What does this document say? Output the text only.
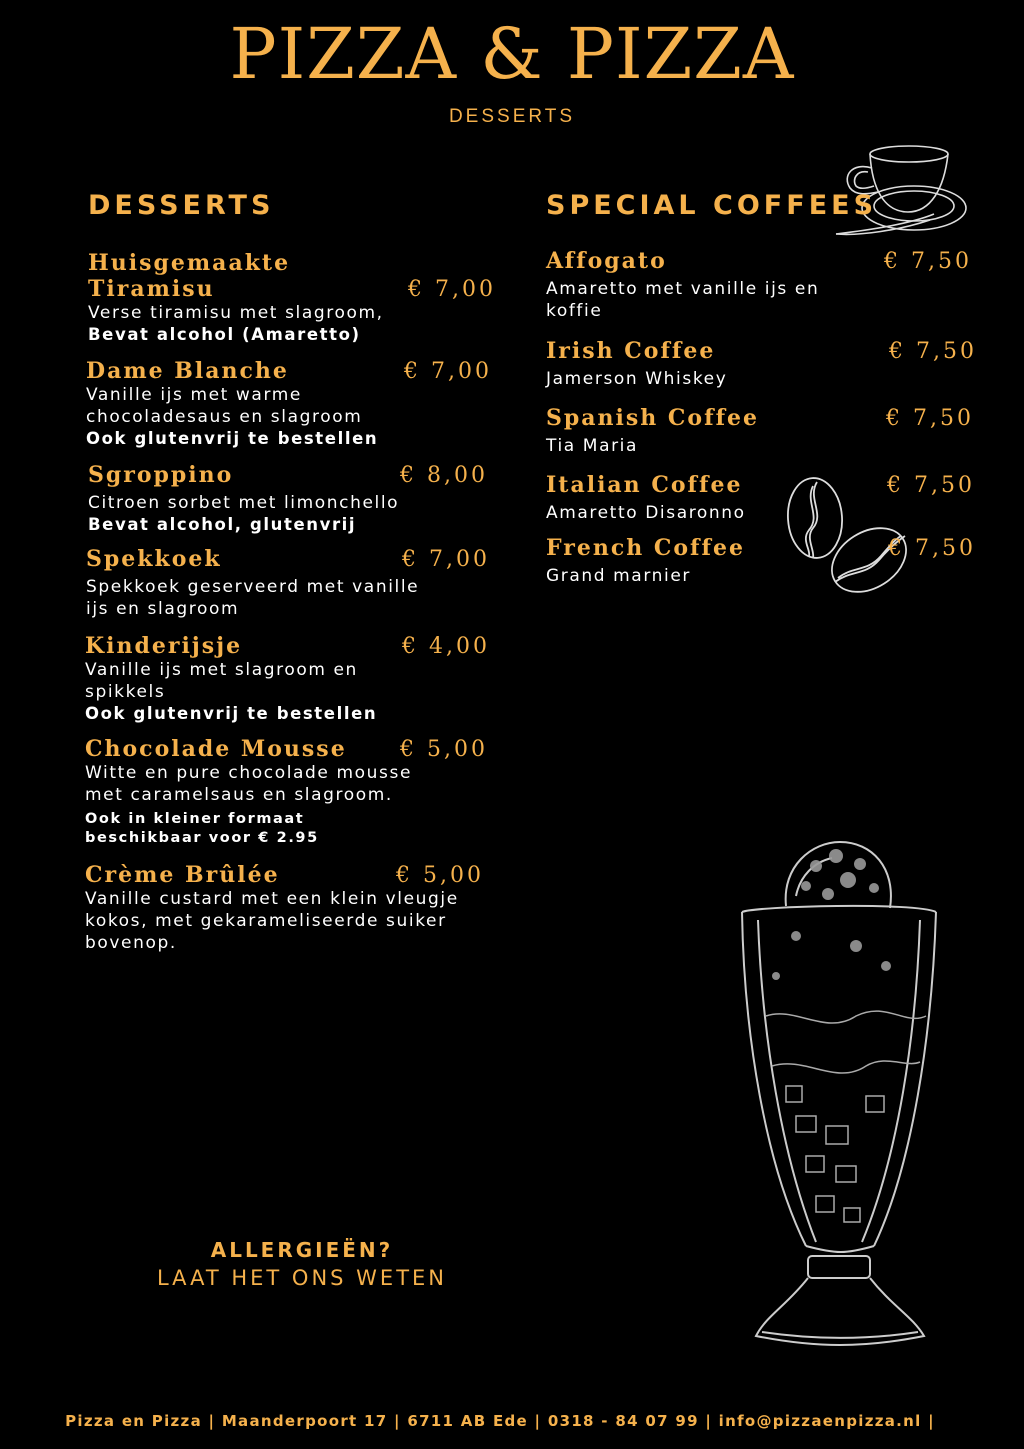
PIZZA & PIZZA
DESSERTS
DESSERTS
Huisgemaakte
Tiramisu	€ 7,00
Verse tiramisu met slagroom,
Bevat alcohol (Amaretto)
Dame Blanche	€ 7,00
Vanille ijs met warme
chocoladesaus en slagroom
Ook glutenvrij te bestellen
Sgroppino	€ 8,00
Citroen sorbet met limonchello
Bevat alcohol, glutenvrij
Spekkoek	€ 7,00
Spekkoek geserveerd met vanille
ijs en slagroom
Kinderijsje	€ 4,00
Vanille ijs met slagroom en
spikkels
Ook glutenvrij te bestellen
Chocolade Mousse	€ 5,00
Witte en pure chocolade mousse
met caramelsaus en slagroom.
Ook in kleiner formaat
beschikbaar voor € 2.95
Crème Brûlée	€ 5,00
Vanille custard met een klein vleugje
kokos, met gekarameliseerde suiker
bovenop.
SPECIAL COFFEES
Affogato	€ 7,50
Amaretto met vanille ijs en
koffie
Irish Coffee	€ 7,50
Jamerson Whiskey
Spanish Coffee	€ 7,50
Tia Maria
Italian Coffee	€ 7,50
Amaretto Disaronno
French Coffee	€ 7,50
Grand marnier
ALLERGIEËN?
LAAT HET ONS WETEN
Pizza en Pizza | Maanderpoort 17 | 6711 AB Ede | 0318 - 84 07 99 | info@pizzaenpizza.nl |
